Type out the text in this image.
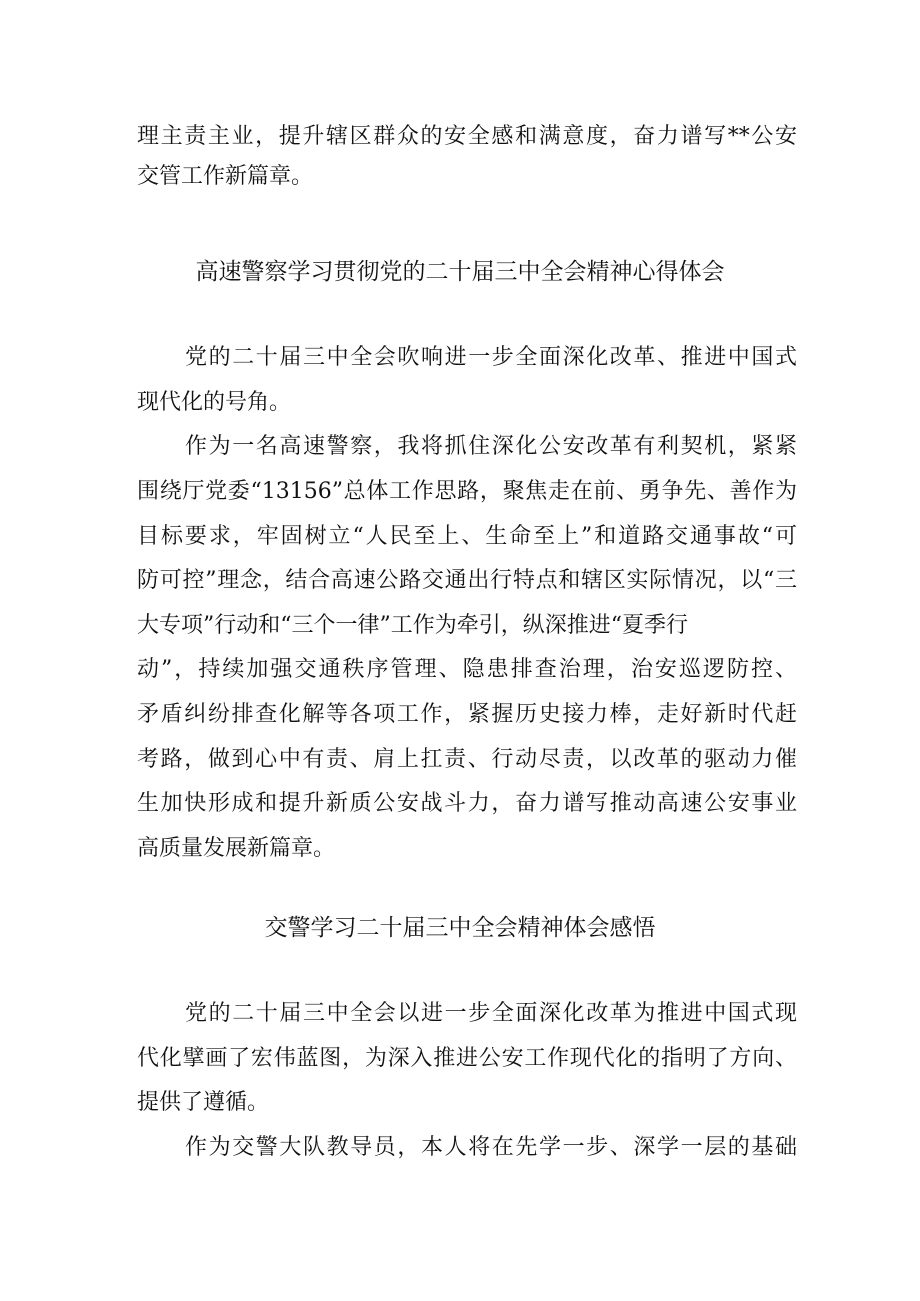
理主责主业，提升辖区群众的安全感和满意度，奋力谱写**公安
交管工作新篇章。
高速警察学习贯彻党的二十届三中全会精神心得体会
党的二十届三中全会吹响进一步全面深化改革、推进中国式
现代化的号角。
作为一名高速警察，我将抓住深化公安改革有利契机，紧紧
围绕厅党委“13156”总体工作思路，聚焦走在前、勇争先、善作为
目标要求，牢固树立“人民至上、生命至上”和道路交通事故“可
防可控”理念，结合高速公路交通出行特点和辖区实际情况，以“三
大专项”行动和“三个一律”工作为牵引，纵深推进“夏季行
动”，持续加强交通秩序管理、隐患排查治理，治安巡逻防控、
矛盾纠纷排查化解等各项工作，紧握历史接力棒，走好新时代赶
考路，做到心中有责、肩上扛责、行动尽责，以改革的驱动力催
生加快形成和提升新质公安战斗力，奋力谱写推动高速公安事业
高质量发展新篇章。
交警学习二十届三中全会精神体会感悟
党的二十届三中全会以进一步全面深化改革为推进中国式现
代化擘画了宏伟蓝图，为深入推进公安工作现代化的指明了方向、
提供了遵循。
作为交警大队教导员，本人将在先学一步、深学一层的基础
